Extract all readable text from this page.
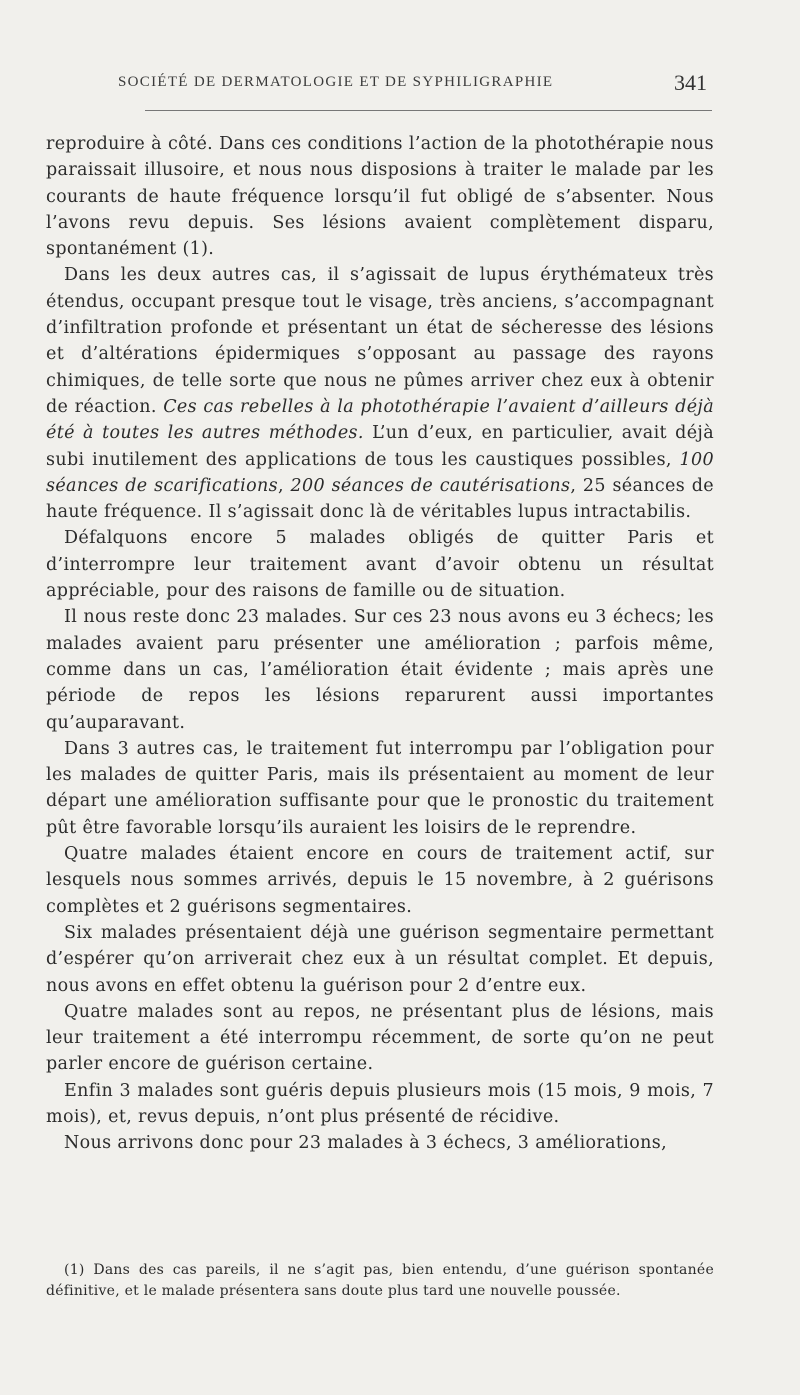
SOCIÉTÉ DE DERMATOLOGIE ET DE SYPHILIGRAPHIE	341

reproduire à côté. Dans ces conditions l’action de la photothérapie nous paraissait illusoire, et nous nous disposions à traiter le malade par les courants de haute fréquence lorsqu’il fut obligé de s’absenter. Nous l’avons revu depuis. Ses lésions avaient complètement disparu, spontanément (1).

Dans les deux autres cas, il s’agissait de lupus érythémateux très étendus, occupant presque tout le visage, très anciens, s’accompagnant d’infiltration profonde et présentant un état de sécheresse des lésions et d’altérations épidermiques s’opposant au passage des rayons chimiques, de telle sorte que nous ne pûmes arriver chez eux à obtenir de réaction. Ces cas rebelles à la photothérapie l’avaient d’ailleurs déjà été à toutes les autres méthodes. L’un d’eux, en particulier, avait déjà subi inutilement des applications de tous les caustiques possibles, 100 séances de scarifications, 200 séances de cautérisations, 25 séances de haute fréquence. Il s’agissait donc là de véritables lupus intractabilis.

Défalquons encore 5 malades obligés de quitter Paris et d’interrompre leur traitement avant d’avoir obtenu un résultat appréciable, pour des raisons de famille ou de situation.

Il nous reste donc 23 malades. Sur ces 23 nous avons eu 3 échecs; les malades avaient paru présenter une amélioration ; parfois même, comme dans un cas, l’amélioration était évidente ; mais après une période de repos les lésions reparurent aussi importantes qu’auparavant.

Dans 3 autres cas, le traitement fut interrompu par l’obligation pour les malades de quitter Paris, mais ils présentaient au moment de leur départ une amélioration suffisante pour que le pronostic du traitement pût être favorable lorsqu’ils auraient les loisirs de le reprendre.

Quatre malades étaient encore en cours de traitement actif, sur lesquels nous sommes arrivés, depuis le 15 novembre, à 2 guérisons complètes et 2 guérisons segmentaires.

Six malades présentaient déjà une guérison segmentaire permettant d’espérer qu’on arriverait chez eux à un résultat complet. Et depuis, nous avons en effet obtenu la guérison pour 2 d’entre eux.

Quatre malades sont au repos, ne présentant plus de lésions, mais leur traitement a été interrompu récemment, de sorte qu’on ne peut parler encore de guérison certaine.

Enfin 3 malades sont guéris depuis plusieurs mois (15 mois, 9 mois, 7 mois), et, revus depuis, n’ont plus présenté de récidive.

Nous arrivons donc pour 23 malades à 3 échecs, 3 améliorations,

(1) Dans des cas pareils, il ne s’agit pas, bien entendu, d’une guérison spontanée définitive, et le malade présentera sans doute plus tard une nouvelle poussée.
